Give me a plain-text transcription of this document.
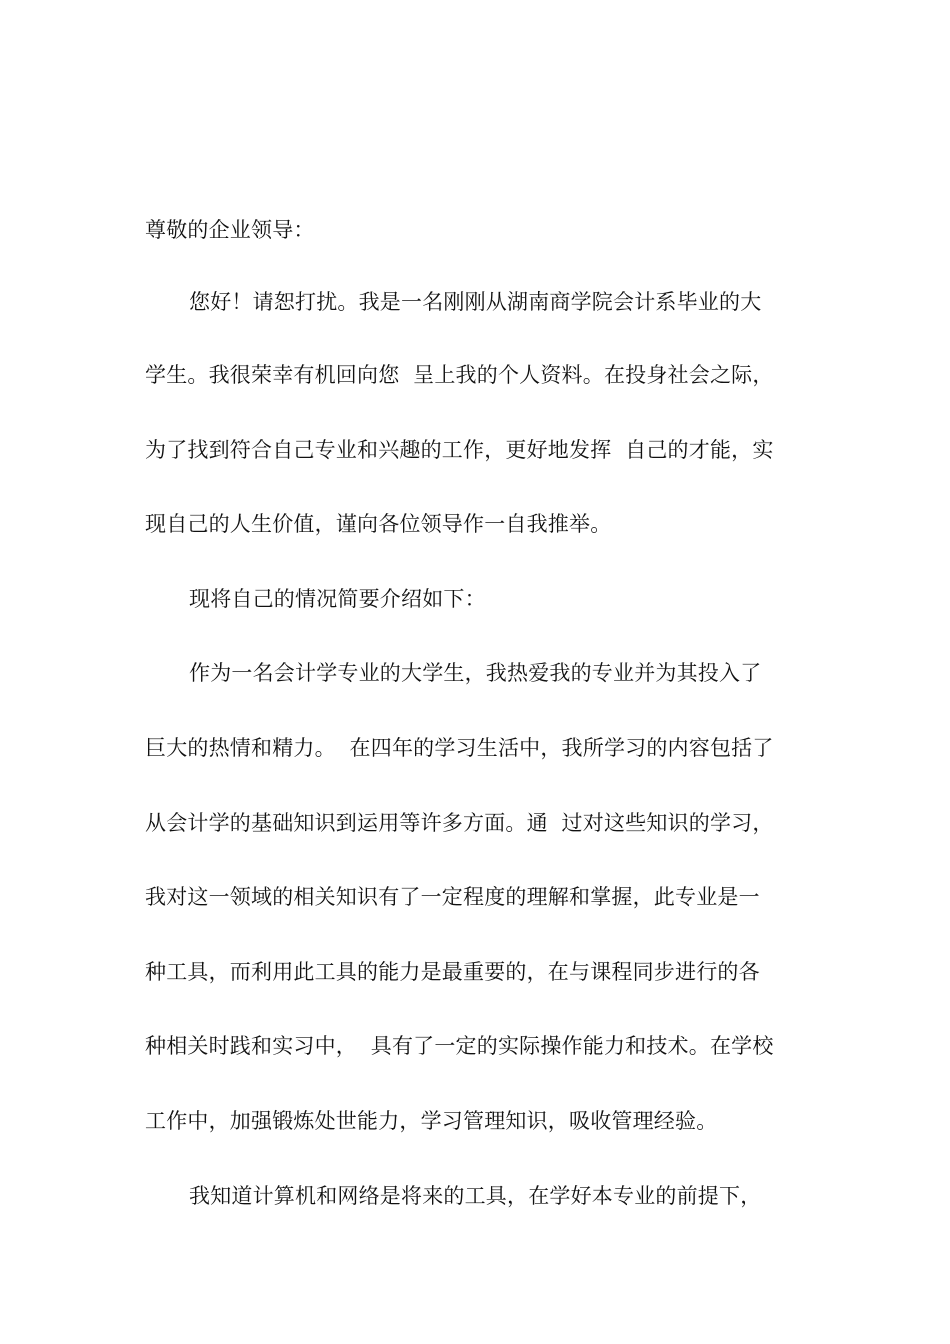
尊敬的企业领导：
您好！请恕打扰。我是一名刚刚从湖南商学院会计系毕业的大
学生。我很荣幸有机回向您  呈上我的个人资料。在投身社会之际，
为了找到符合自己专业和兴趣的工作，更好地发挥  自己的才能，实
现自己的人生价值，谨向各位领导作一自我推举。
现将自己的情况简要介绍如下：
作为一名会计学专业的大学生，我热爱我的专业并为其投入了
巨大的热情和精力。  在四年的学习生活中，我所学习的内容包括了
从会计学的基础知识到运用等许多方面。通  过对这些知识的学习，
我对这一领域的相关知识有了一定程度的理解和掌握，此专业是一
种工具，而利用此工具的能力是最重要的，在与课程同步进行的各
种相关时践和实习中，  具有了一定的实际操作能力和技术。在学校
工作中，加强锻炼处世能力，学习管理知识，吸收管理经验。
我知道计算机和网络是将来的工具，在学好本专业的前提下，
